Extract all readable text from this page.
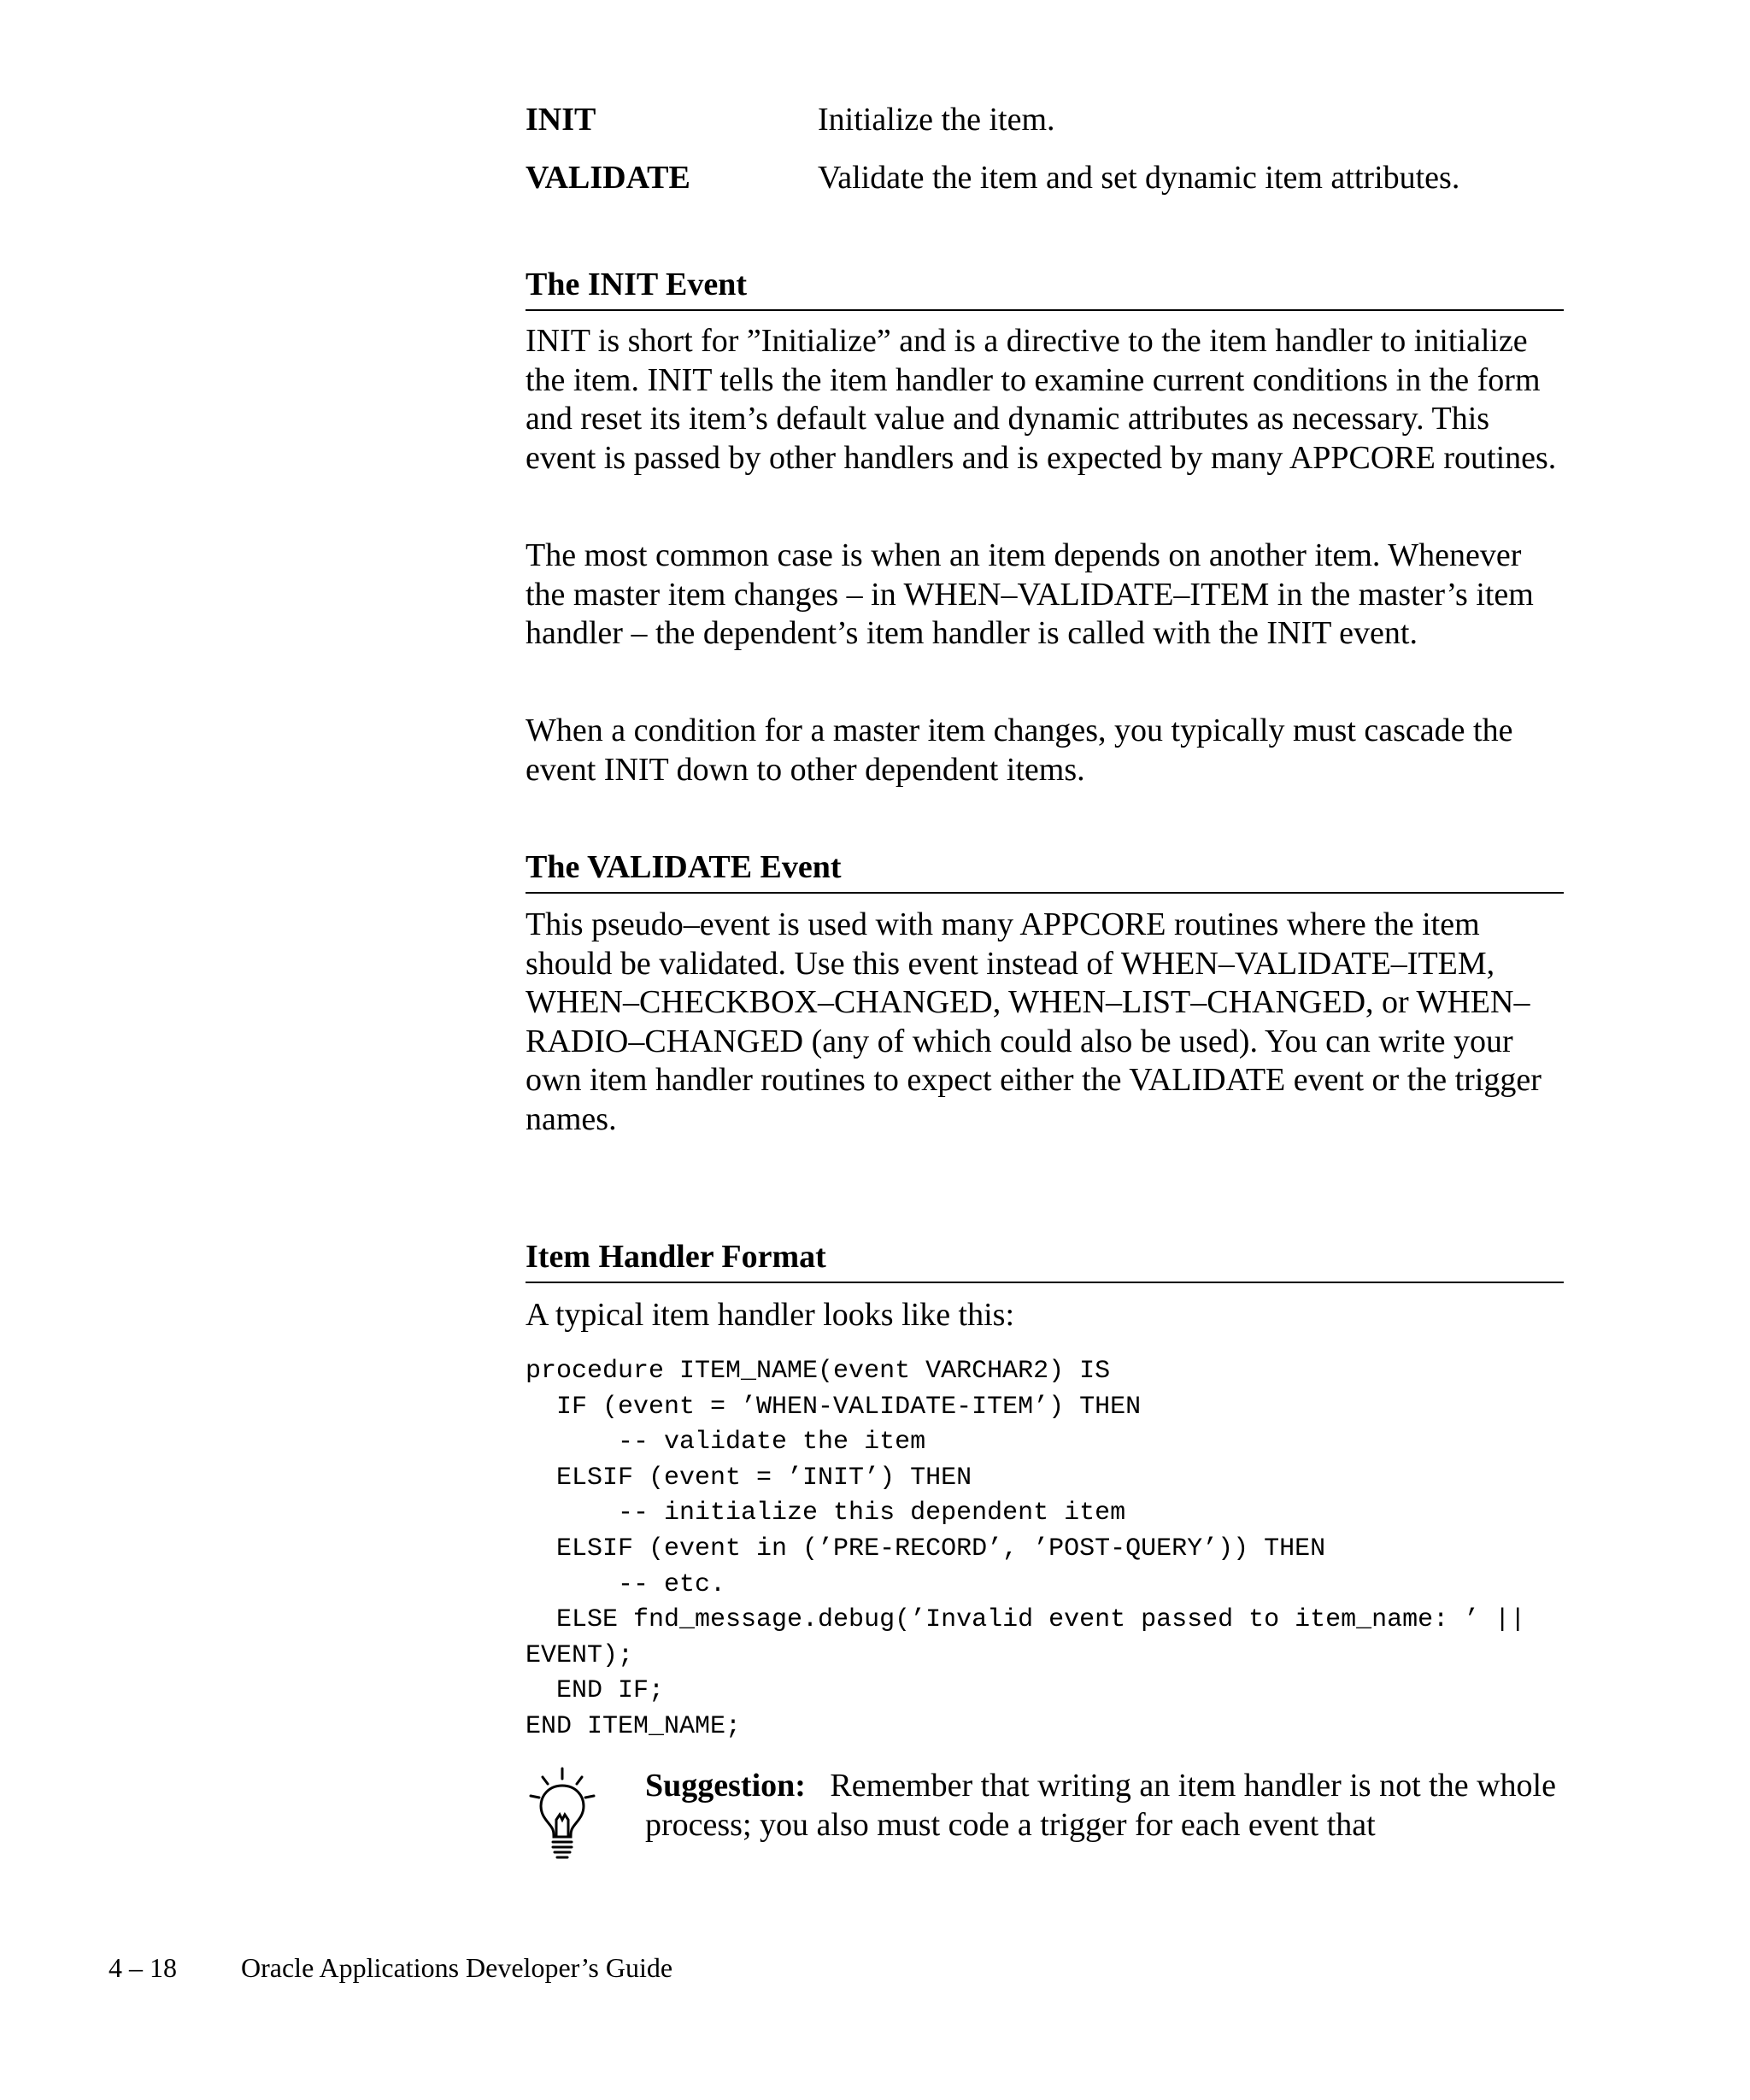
INIT	Initialize the item.
VALIDATE	Validate the item and set dynamic item attributes.
The INIT Event
INIT is short for ”Initialize” and is a directive to the item handler to initialize the item. INIT tells the item handler to examine current conditions in the form and reset its item’s default value and dynamic attributes as necessary. This event is passed by other handlers and is expected by many APPCORE routines.
The most common case is when an item depends on another item. Whenever the master item changes – in WHEN–VALIDATE–ITEM in the master’s item handler – the dependent’s item handler is called with the INIT event.
When a condition for a master item changes, you typically must cascade the event INIT down to other dependent items.
The VALIDATE Event
This pseudo–event is used with many APPCORE routines where the item should be validated. Use this event instead of WHEN–VALIDATE–ITEM, WHEN–CHECKBOX–CHANGED, WHEN–LIST–CHANGED, or WHEN–RADIO–CHANGED (any of which could also be used). You can write your own item handler routines to expect either the VALIDATE event or the trigger names.
Item Handler Format
A typical item handler looks like this:
procedure ITEM_NAME(event VARCHAR2) IS
IF (event = ’WHEN-VALIDATE-ITEM’) THEN
-- validate the item
ELSIF (event = ’INIT’) THEN
-- initialize this dependent item
ELSIF (event in (’PRE-RECORD’, ’POST-QUERY’)) THEN
-- etc.
ELSE fnd_message.debug(’Invalid event passed to item_name: ’ ||
EVENT);
END IF;
END ITEM_NAME;
Suggestion: Remember that writing an item handler is not the whole process; you also must code a trigger for each event that
4 – 18	Oracle Applications Developer’s Guide
